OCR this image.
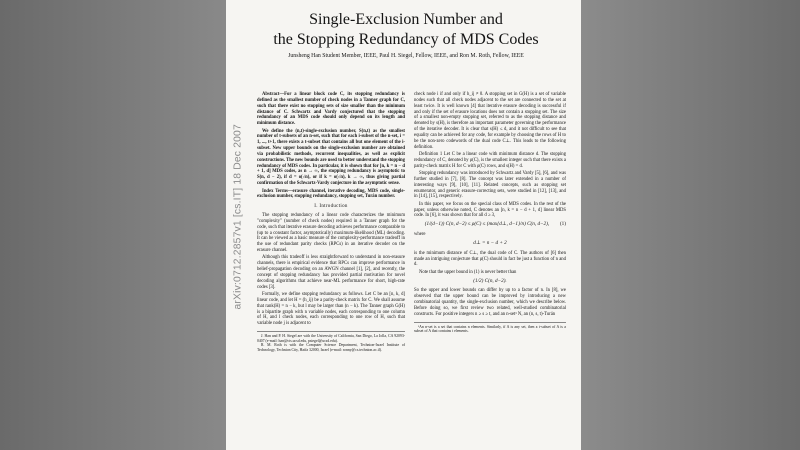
arXiv:0712.2857v1 [cs.IT] 18 Dec 2007
Single-Exclusion Number and
the Stopping Redundancy of MDS Codes
Junsheng Han Student Member, IEEE, Paul H. Siegel, Fellow, IEEE, and Ron M. Roth, Fellow, IEEE

Abstract—For a linear block code C, its stopping redundancy is defined as the smallest number of check nodes in a Tanner graph for C, such that there exist no stopping sets of size smaller than the minimum distance of C. Schwartz and Vardy conjectured that the stopping redundancy of an MDS code should only depend on its length and minimum distance.

We define the (n,t)-single-exclusion number, S(n,t) as the smallest number of t-subsets of an n-set, such that for each i-subset of the n-set, i = 1, ..., t+1, there exists a t-subset that contains all but one element of the i-subset. New upper bounds on the single-exclusion number are obtained via probabilistic methods, recurrent inequalities, as well as explicit constructions. The new bounds are used to better understand the stopping redundancy of MDS codes. In particular, it is shown that for [n, k = n − d + 1, d] MDS codes, as n → ∞, the stopping redundancy is asymptotic to S(n, d − 2), if d = o(√n), or if k = o(√n), k → ∞, thus giving partial confirmation of the Schwartz-Vardy conjecture in the asymptotic sense.

Index Terms—erasure channel, iterative decoding, MDS code, single-exclusion number, stopping redundancy, stopping set, Turán number.

I. Introduction

The stopping redundancy of a linear code characterizes the minimum "complexity" (number of check nodes) required in a Tanner graph for the code, such that iterative erasure decoding achieves performance comparable to (up to a constant factor, asymptotically) maximum-likelihood (ML) decoding. It can be viewed as a basic measure of the complexity-performance tradeoff in the use of redundant parity checks (RPCs) in an iterative decoder on the erasure channel.

Although this tradeoff is less straightforward to understand in non-erasure channels, there is empirical evidence that RPCs can improve performance in belief-propagation decoding on an AWGN channel [1], [2], and recently, the concept of stopping redundancy has provided partial motivation for novel decoding algorithms that achieve near-ML performance for short, high-rate codes [3].

Formally, we define stopping redundancy as follows. Let C be an [n, k, d] linear code, and let H = (h_ij) be a parity-check matrix for C. We shall assume that rank(H) = n − k, but l may be larger than (n − k). The Tanner graph G(H) is a bipartite graph with n variable nodes, each corresponding to one column of H, and l check nodes, each corresponding to one row of H, such that variable node j is adjacent to

J. Han and P. H. Siegel are with the University of California, San Diego, La Jolla, CA 92093-0407 (e-mail: han@cts.ucsd.edu, psiegel@ucsd.edu).

R. M. Roth is with the Computer Science Department, Technion-Israel Institute of Technology, Technion City, Haifa 32000, Israel (e-mail: ronny@cs.technion.ac.il).

check node i if and only if h_ij ≠ 0. A stopping set in G(H) is a set of variable nodes such that all check nodes adjacent to the set are connected to the set at least twice. It is well known [4] that iterative erasure decoding is successful if and only if the set of erasure locations does not contain a stopping set. The size of a smallest non-empty stopping set, referred to as the stopping distance and denoted by s(H), is therefore an important parameter governing the performance of the iterative decoder. It is clear that s(H) ≤ d, and it not difficult to see that equality can be achieved for any code, for example by choosing the rows of H to be the non-zero codewords of the dual code C⊥. This leads to the following definition.

Definition 1 Let C be a linear code with minimum distance d. The stopping redundancy of C, denoted by ρ(C), is the smallest integer such that there exists a parity-check matrix H for C with ρ(C) rows, and s(H) = d.

Stopping redundancy was introduced by Schwartz and Vardy [5], [6], and was further studied in [7], [8]. The concept was later extended in a number of interesting ways [9], [10], [11]. Related concepts, such as stopping set enumerator, and generic erasure-correcting sets, were studied in [12], [13], and in [14], [15], respectively.

In this paper, we focus on the special class of MDS codes. In the rest of the paper, unless otherwise noted, C denotes an [n, k = n − d + 1, d] linear MDS code. In [6], it was shown that for all d ≥ 3,

(1/(d−1)) C(n, d−2) ≤ ρ(C) ≤ (max{d⊥, d−1}/n) C(n, d−2), (1)

where

d⊥ = n − d + 2

is the minimum distance of C⊥, the dual code of C. The authors of [6] then made an intriguing conjecture that ρ(C) should in fact be just a function of n and d.

Note that the upper bound in (1) is never better than

(1/2) C(n, d−2).

So the upper and lower bounds can differ by up to a factor of n. In [8], we observed that the upper bound can be improved by introducing a new combinatorial quantity, the single-exclusion number, which we describe below. Before doing so, we first review two related, well-studied combinatorial constructs. For positive integers n ≥ s ≥ t, and an n-set¹ N, an (n, s, t)-Turán

¹An n-set is a set that contains n elements. Similarly, if A is any set, then a t-subset of A is a subset of A that contains t elements.
